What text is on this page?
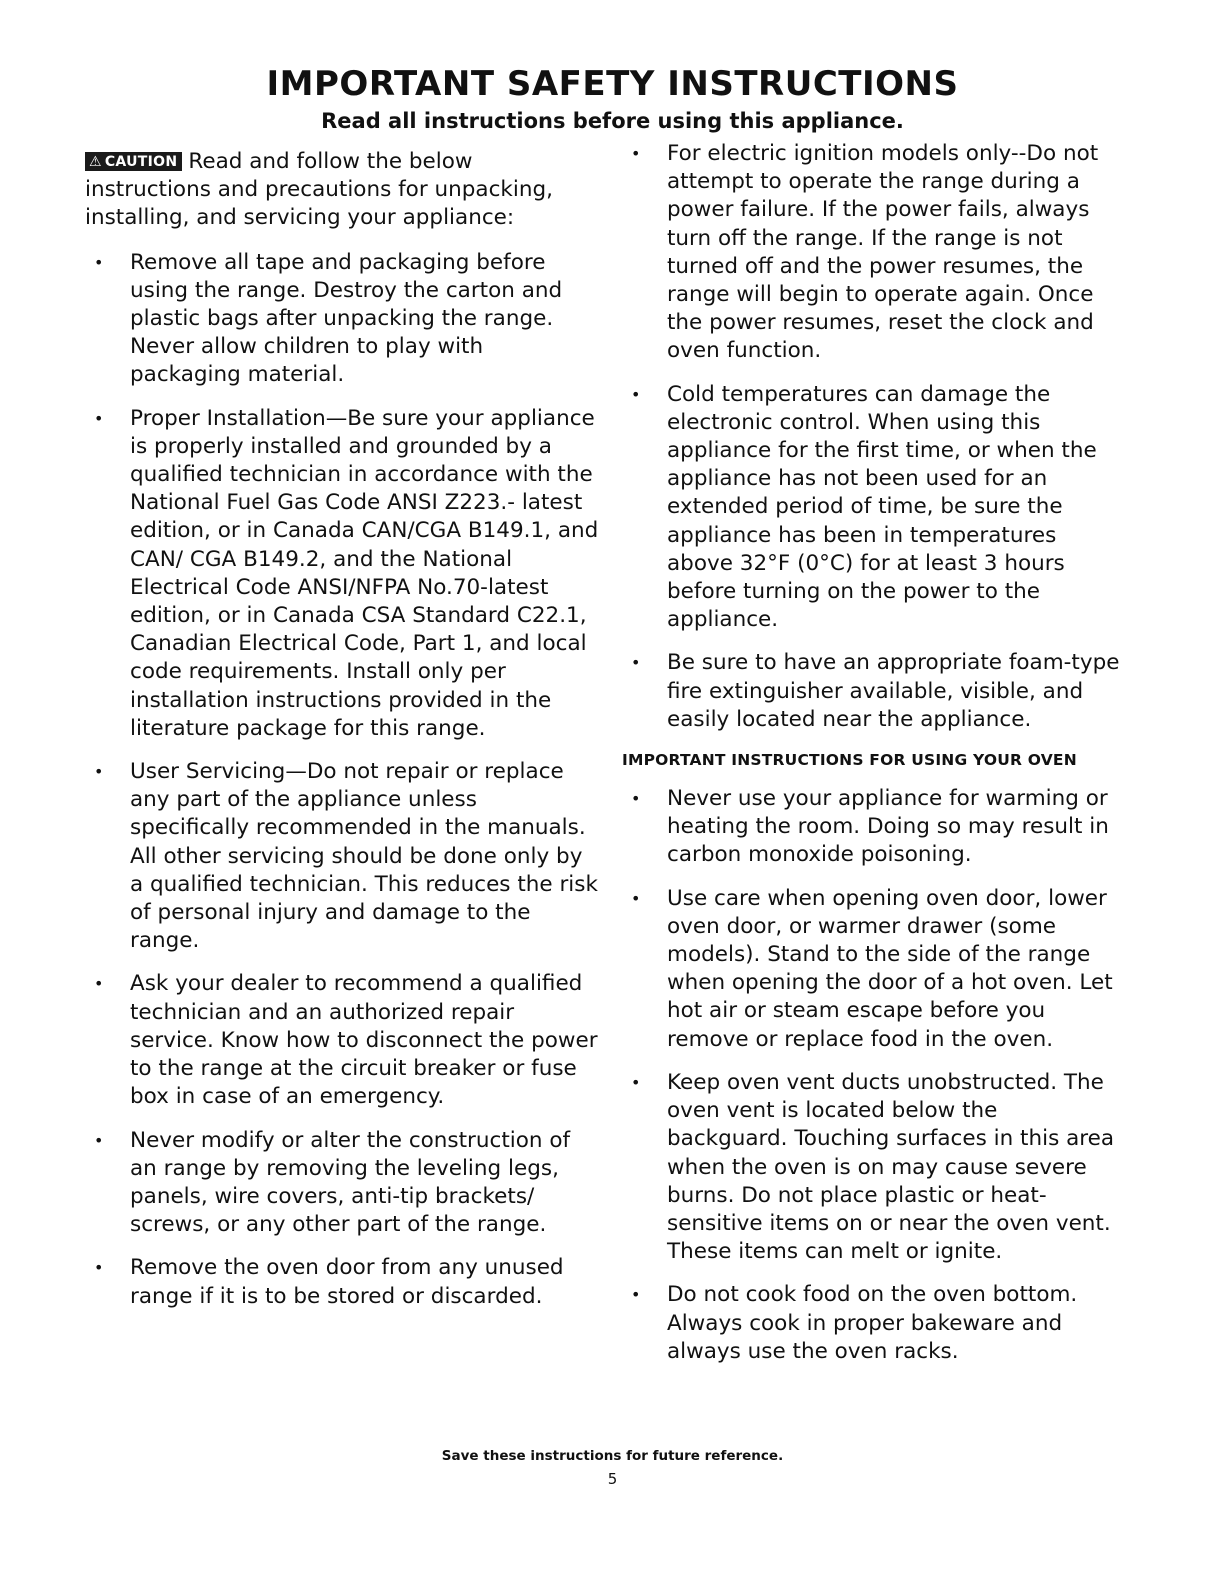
IMPORTANT SAFETY INSTRUCTIONS

Read all instructions before using this appliance.

⚠ CAUTION Read and follow the below instructions and precautions for unpacking, installing, and servicing your appliance:

• Remove all tape and packaging before using the range. Destroy the carton and plastic bags after unpacking the range. Never allow children to play with packaging material.
• Proper Installation—Be sure your appliance is properly installed and grounded by a qualified technician in accordance with the National Fuel Gas Code ANSI Z223.- latest edition, or in Canada CAN/CGA B149.1, and CAN/ CGA B149.2, and the National Electrical Code ANSI/NFPA No.70-latest edition, or in Canada CSA Standard C22.1, Canadian Electrical Code, Part 1, and local code requirements. Install only per installation instructions provided in the literature package for this range.
• User Servicing—Do not repair or replace any part of the appliance unless specifically recommended in the manuals. All other servicing should be done only by a qualified technician. This reduces the risk of personal injury and damage to the range.
• Ask your dealer to recommend a qualified technician and an authorized repair service. Know how to disconnect the power to the range at the circuit breaker or fuse box in case of an emergency.
• Never modify or alter the construction of an range by removing the leveling legs, panels, wire covers, anti-tip brackets/ screws, or any other part of the range.
• Remove the oven door from any unused range if it is to be stored or discarded.
• For electric ignition models only--Do not attempt to operate the range during a power failure. If the power fails, always turn off the range. If the range is not turned off and the power resumes, the range will begin to operate again. Once the power resumes, reset the clock and oven function.
• Cold temperatures can damage the electronic control. When using this appliance for the first time, or when the appliance has not been used for an extended period of time, be sure the appliance has been in temperatures above 32°F (0°C) for at least 3 hours before turning on the power to the appliance.
• Be sure to have an appropriate foam-type fire extinguisher available, visible, and easily located near the appliance.
IMPORTANT INSTRUCTIONS FOR USING YOUR OVEN
• Never use your appliance for warming or heating the room. Doing so may result in carbon monoxide poisoning.
• Use care when opening oven door, lower oven door, or warmer drawer (some models). Stand to the side of the range when opening the door of a hot oven. Let hot air or steam escape before you remove or replace food in the oven.
• Keep oven vent ducts unobstructed. The oven vent is located below the backguard. Touching surfaces in this area when the oven is on may cause severe burns. Do not place plastic or heat-sensitive items on or near the oven vent. These items can melt or ignite.
• Do not cook food on the oven bottom. Always cook in proper bakeware and always use the oven racks.

Save these instructions for future reference.

5
